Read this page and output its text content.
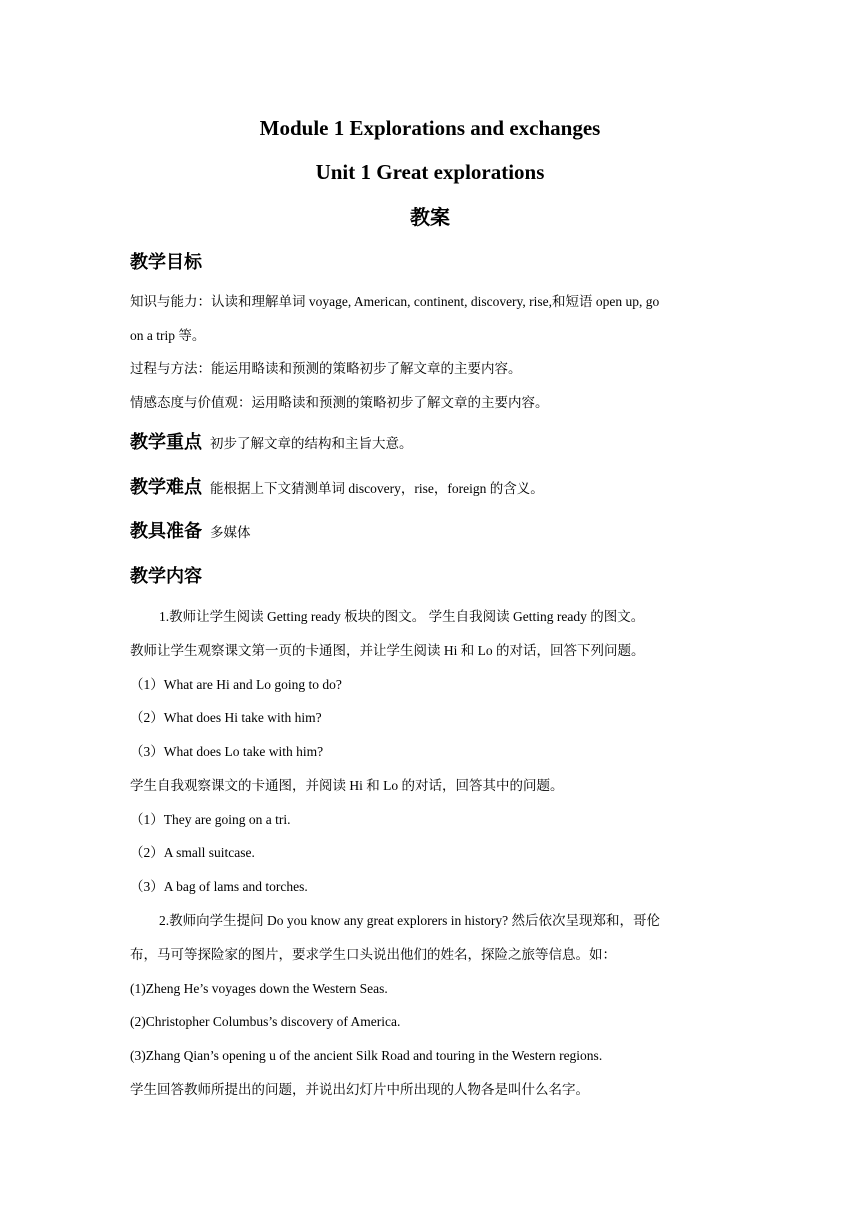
Module 1 Explorations and exchanges
Unit 1 Great explorations
教案
教学目标
知识与能力：认读和理解单词 voyage, American, continent, discovery, rise,和短语 open up, go
on a trip 等。
过程与方法：能运用略读和预测的策略初步了解文章的主要内容。
情感态度与价值观：运用略读和预测的策略初步了解文章的主要内容。
教学重点 初步了解文章的结构和主旨大意。
教学难点 能根据上下文猜测单词 discovery，rise，foreign 的含义。
教具准备 多媒体
教学内容
1.教师让学生阅读 Getting ready 板块的图文。 学生自我阅读 Getting ready 的图文。
教师让学生观察课文第一页的卡通图，并让学生阅读 Hi 和 Lo 的对话，回答下列问题。
（1）What are Hi and Lo going to do?
（2）What does Hi take with him?
（3）What does Lo take with him?
学生自我观察课文的卡通图，并阅读 Hi 和 Lo 的对话，回答其中的问题。
（1）They are going on a tri.
（2）A small suitcase.
（3）A bag of lams and torches.
2.教师向学生提问 Do you know any great explorers in history? 然后依次呈现郑和，哥伦
布，马可等探险家的图片，要求学生口头说出他们的姓名，探险之旅等信息。如：
(1)Zheng He’s voyages down the Western Seas.
(2)Christopher Columbus’s discovery of America.
(3)Zhang Qian’s opening u of the ancient Silk Road and touring in the Western regions.
学生回答教师所提出的问题，并说出幻灯片中所出现的人物各是叫什么名字。
